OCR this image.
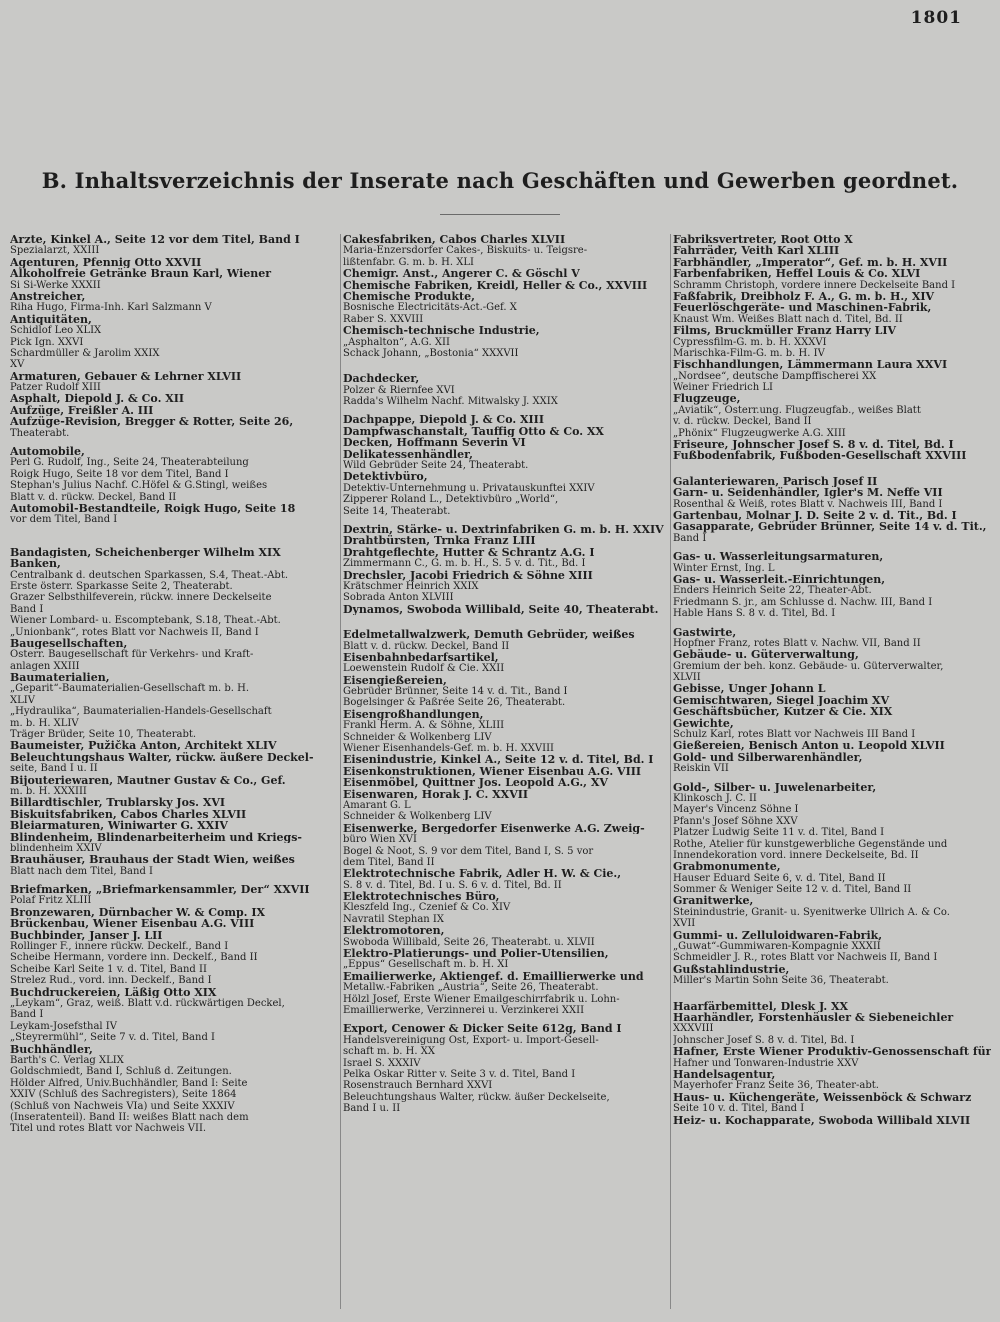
1801
B. Inhaltsverzeichnis der Inserate nach Geschäften und Gewerben geordnet.
Ärzte, Kinkel A., Seite 12 vor dem Titel, Band I
Spezialarzt, XXIII
Agenturen, Pfennig Otto XXVII
Alkoholfreie Getränke Braun Karl, Wiener
Si Si-Werke XXXII
Anstreicher,
Riha Hugo, Firma-Inh. Karl Salzmann V
Antiquitäten,
Schidlof Leo XLIX
Pick Ign. XXVI
Schardmüller & Jarolim XXIX
XV
Armaturen, Gebauer & Lehrner XLVII
Patzer Rudolf XIII
Asphalt, Diepold J. & Co. XII
Aufzüge, Freißler A. III
Aufzüge-Revision, Bregger & Rotter, Seite 26,
Theaterabt.
Automobile,
Perl G. Rudolf, Ing., Seite 24, Theaterabteilung
Roigk Hugo, Seite 18 vor dem Titel, Band I
Stephan's Julius Nachf. C.Höfel & G.Stingl, weißes
Blatt v. d. rückw. Deckel, Band II
Automobil-Bestandteile, Roigk Hugo, Seite 18
vor dem Titel, Band I
Bandagisten, Scheichenberger Wilhelm XIX
Banken,
Centralbank d. deutschen Sparkassen, S.4, Theat.-Abt.
Erste österr. Sparkasse Seite 2, Theaterabt.
Grazer Selbsthilfeverein, rückw. innere Deckelseite
Band I
Wiener Lombard- u. Escomptebank, S.18, Theat.-Abt.
„Unionbank“, rotes Blatt vor Nachweis II, Band I
Baugesellschaften,
Österr. Baugesellschaft für Verkehrs- und Kraft-
anlagen XXIII
Baumaterialien,
„Geparit“-Baumaterialien-Gesellschaft m. b. H.
XLIV
„Hydraulika“, Baumaterialien-Handels-Gesellschaft
m. b. H. XLIV
Träger Brüder, Seite 10, Theaterabt.
Baumeister, Pužička Anton, Architekt XLIV
Beleuchtungshaus Walter, rückw. äußere Deckel-
seite, Band I u. II
Bijouteriewaren, Mautner Gustav & Co., Gef.
m. b. H. XXXIII
Billardtischler, Trublarsky Jos. XVI
Biskuitsfabriken, Cabos Charles XLVII
Bleiarmaturen, Winiwarter G. XXIV
Blindenheim, Blindenarbeiterheim und Kriegs-
blindenheim XXIV
Brauhäuser, Brauhaus der Stadt Wien, weißes
Blatt nach dem Titel, Band I
Briefmarken, „Briefmarkensammler, Der“ XXVII
Polaf Fritz XLIII
Bronzewaren, Dürnbacher W. & Comp. IX
Brückenbau, Wiener Eisenbau A.G. VIII
Buchbinder, Janser J. LII
Rollinger F., innere rückw. Deckelf., Band I
Scheibe Hermann, vordere inn. Deckelf., Band II
Scheibe Karl Seite 1 v. d. Titel, Band II
Strelez Rud., vord. inn. Deckelf., Band I
Buchdruckereien, Läßig Otto XIX
„Leykam“, Graz, weiß. Blatt v.d. rückwärtigen Deckel,
Band I
Leykam-Josefsthal IV
„Steyrermühl“, Seite 7 v. d. Titel, Band I
Buchhändler,
Barth's C. Verlag XLIX
Goldschmiedt, Band I, Schluß d. Zeitungen.
Hölder Alfred, Univ.Buchhändler, Band I: Seite
XXIV (Schluß des Sachregisters), Seite 1864
(Schluß von Nachweis VIa) und Seite XXXIV
(Inseratenteil). Band II: weißes Blatt nach dem
Titel und rotes Blatt vor Nachweis VII.
Cakesfabriken, Cabos Charles XLVII
Maria-Enzersdorfer Cakes-, Biskuits- u. Teigsre-
lißtenfabr. G. m. b. H. XLI
Chemigr. Anst., Angerer C. & Göschl V
Chemische Fabriken, Kreidl, Heller & Co., XXVIII
Chemische Produkte,
Bosnische Electricitäts-Act.-Gef. X
Raber S. XXVIII
Chemisch-technische Industrie,
„Asphalton“, A.G. XII
Schack Johann, „Bostonia“ XXXVII
Dachdecker,
Polzer & Riernfee XVI
Radda's Wilhelm Nachf. Mitwalsky J. XXIX
Dachpappe, Diepold J. & Co. XIII
Dampfwaschanstalt, Tauffig Otto & Co. XX
Decken, Hoffmann Severin VI
Delikatessenhändler,
Wild Gebrüder Seite 24, Theaterabt.
Detektivbüro,
Detektiv-Unternehmung u. Privatauskunftei XXIV
Zipperer Roland L., Detektivbüro „World“,
Seite 14, Theaterabt.
Dextrin, Stärke- u. Dextrinfabriken G. m. b. H. XXIV
Drahtbürsten, Trnka Franz LIII
Drahtgeflechte, Hutter & Schrantz A.G. I
Zimmermann C., G. m. b. H., S. 5 v. d. Tit., Bd. I
Drechsler, Jacobi Friedrich & Söhne XIII
Krätschmer Heinrich XXIX
Sobrada Anton XLVIII
Dynamos, Swoboda Willibald, Seite 40, Theaterabt.
Edelmetallwalzwerk, Demuth Gebrüder, weißes
Blatt v. d. rückw. Deckel, Band II
Eisenbahnbedarfsartikel,
Loewenstein Rudolf & Cie. XXII
Eisengießereien,
Gebrüder Brünner, Seite 14 v. d. Tit., Band I
Bogelsinger & Paßrée Seite 26, Theaterabt.
Eisengroßhandlungen,
Frankl Herm. A. & Söhne, XLIII
Schneider & Wolkenberg LIV
Wiener Eisenhandels-Gef. m. b. H. XXVIII
Eisenindustrie, Kinkel A., Seite 12 v. d. Titel, Bd. I
Eisenkonstruktionen, Wiener Eisenbau A.G. VIII
Eisenmöbel, Quittner Jos. Leopold A.G., XV
Eisenwaren, Horak J. C. XXVII
Amarant G. L
Schneider & Wolkenberg LIV
Eisenwerke, Bergedorfer Eisenwerke A.G. Zweig-
büro Wien XVI
Bogel & Noot, S. 9 vor dem Titel, Band I, S. 5 vor
dem Titel, Band II
Elektrotechnische Fabrik, Adler H. W. & Cie.,
S. 8 v. d. Titel, Bd. I u. S. 6 v. d. Titel, Bd. II
Elektrotechnisches Büro,
Kleszfeld Ing., Czenief & Co. XIV
Navratil Stephan IX
Elektromotoren,
Swoboda Willibald, Seite 26, Theaterabt. u. XLVII
Elektro-Platierungs- und Polier-Utensilien,
„Eppus“ Gesellschaft m. b. H. XI
Emailierwerke, Aktiengef. d. Emaillierwerke und
Metallw.-Fabriken „Austria“, Seite 26, Theaterabt.
Hölzl Josef, Erste Wiener Emailgeschirrfabrik u. Lohn-
Emaillierwerke, Verzinnerei u. Verzinkerei XXII
Export, Cenower & Dicker Seite 612g, Band I
Handelsvereinigung Ost, Export- u. Import-Gesell-
schaft m. b. H. XX
Israel S. XXXIV
Pelka Oskar Ritter v. Seite 3 v. d. Titel, Band I
Rosenstrauch Bernhard XXVI
Beleuchtungshaus Walter, rückw. äußer Deckelseite,
Band I u. II
Fabriksvertreter, Root Otto X
Fahrräder, Veith Karl XLIII
Farbhändler, „Imperator“, Gef. m. b. H. XVII
Farbenfabriken, Heffel Louis & Co. XLVI
Schramm Christoph, vordere innere Deckelseite Band I
Faßfabrik, Dreibholz F. A., G. m. b. H., XIV
Feuerlöschgeräte- und Maschinen-Fabrik,
Knaust Wm. Weißes Blatt nach d. Titel, Bd. II
Films, Bruckmüller Franz Harry LIV
Cypressfilm-G. m. b. H. XXXVI
Marischka-Film-G. m. b. H. IV
Fischhandlungen, Lämmermann Laura XXVI
„Nordsee“, deutsche Dampffischerei XX
Weiner Friedrich LI
Flugzeuge,
„Aviatik“, Österr.ung. Flugzeugfab., weißes Blatt
v. d. rückw. Deckel, Band II
„Phönix“ Flugzeugwerke A.G. XIII
Friseure, Johnscher Josef S. 8 v. d. Titel, Bd. I
Fußbodenfabrik, Fußboden-Gesellschaft XXVIII
Galanteriewaren, Parisch Josef II
Garn- u. Seidenhändler, Igler's M. Neffe VII
Rosenthal & Weiß, rotes Blatt v. Nachweis III, Band I
Gartenbau, Molnar J. D. Seite 2 v. d. Tit., Bd. I
Gasapparate, Gebrüder Brünner, Seite 14 v. d. Tit.,
Band I
Gas- u. Wasserleitungsarmaturen,
Winter Ernst, Ing. L
Gas- u. Wasserleit.-Einrichtungen,
Enders Heinrich Seite 22, Theater-Abt.
Friedmann S. jr., am Schlusse d. Nachw. III, Band I
Hable Hans S. 8 v. d. Titel, Bd. I
Gastwirte,
Hopfner Franz, rotes Blatt v. Nachw. VII, Band II
Gebäude- u. Güterverwaltung,
Gremium der beh. konz. Gebäude- u. Güterverwalter,
XLVII
Gebisse, Unger Johann L
Gemischtwaren, Siegel Joachim XV
Geschäftsbücher, Kutzer & Cie. XIX
Gewichte,
Schulz Karl, rotes Blatt vor Nachweis III Band I
Gießereien, Benisch Anton u. Leopold XLVII
Gold- und Silberwarenhändler,
Reiskin VII
Gold-, Silber- u. Juwelenarbeiter,
Klinkosch J. C. II
Mayer's Vincenz Söhne I
Pfann's Josef Söhne XXV
Platzer Ludwig Seite 11 v. d. Titel, Band I
Rothe, Atelier für kunstgewerbliche Gegenstände und
Innendekoration vord. innere Deckelseite, Bd. II
Grabmonumente,
Hauser Eduard Seite 6, v. d. Titel, Band II
Sommer & Weniger Seite 12 v. d. Titel, Band II
Granitwerke,
Steinindustrie, Granit- u. Syenitwerke Ullrich A. & Co.
XVII
Gummi- u. Zelluloidwaren-Fabrik,
„Guwat“-Gummiwaren-Kompagnie XXXII
Schmeidler J. R., rotes Blatt vor Nachweis II, Band I
Gußstahlindustrie,
Miller's Martin Sohn Seite 36, Theaterabt.
Haarfärbemittel, Dlesk J. XX
Haarhändler, Forstenhäusler & Siebeneichler
XXXVIII
Johnscher Josef S. 8 v. d. Titel, Bd. I
Hafner, Erste Wiener Produktiv-Genossenschaft für
Hafner und Tonwaren-Industrie XXV
Handelsagentur,
Mayerhofer Franz Seite 36, Theater-abt.
Haus- u. Küchengeräte, Weissenböck & Schwarz
Seite 10 v. d. Titel, Band I
Heiz- u. Kochapparate, Swoboda Willibald XLVII
